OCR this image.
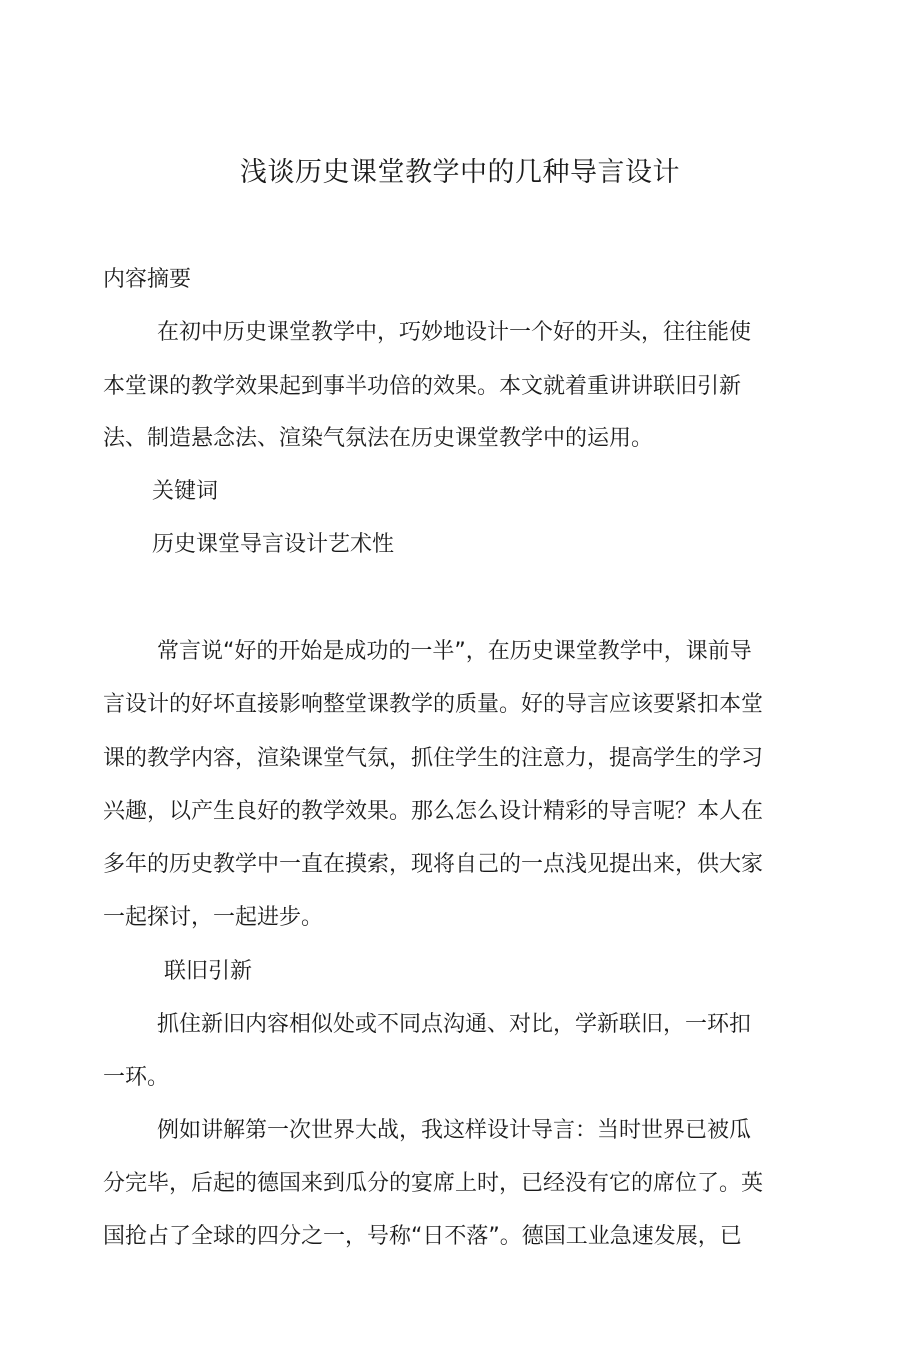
浅谈历史课堂教学中的几种导言设计
内容摘要
在初中历史课堂教学中，巧妙地设计一个好的开头，往往能使
本堂课的教学效果起到事半功倍的效果。本文就着重讲讲联旧引新
法、制造悬念法、渲染气氛法在历史课堂教学中的运用。
关键词
历史课堂导言设计艺术性
常言说“好的开始是成功的一半”，在历史课堂教学中，课前导
言设计的好坏直接影响整堂课教学的质量。好的导言应该要紧扣本堂
课的教学内容，渲染课堂气氛，抓住学生的注意力，提高学生的学习
兴趣，以产生良好的教学效果。那么怎么设计精彩的导言呢？本人在
多年的历史教学中一直在摸索，现将自己的一点浅见提出来，供大家
一起探讨，一起进步。
联旧引新
抓住新旧内容相似处或不同点沟通、对比，学新联旧，一环扣
一环。
例如讲解第一次世界大战，我这样设计导言：当时世界已被瓜
分完毕，后起的德国来到瓜分的宴席上时，已经没有它的席位了。英
国抢占了全球的四分之一，号称“日不落”。德国工业急速发展，已
